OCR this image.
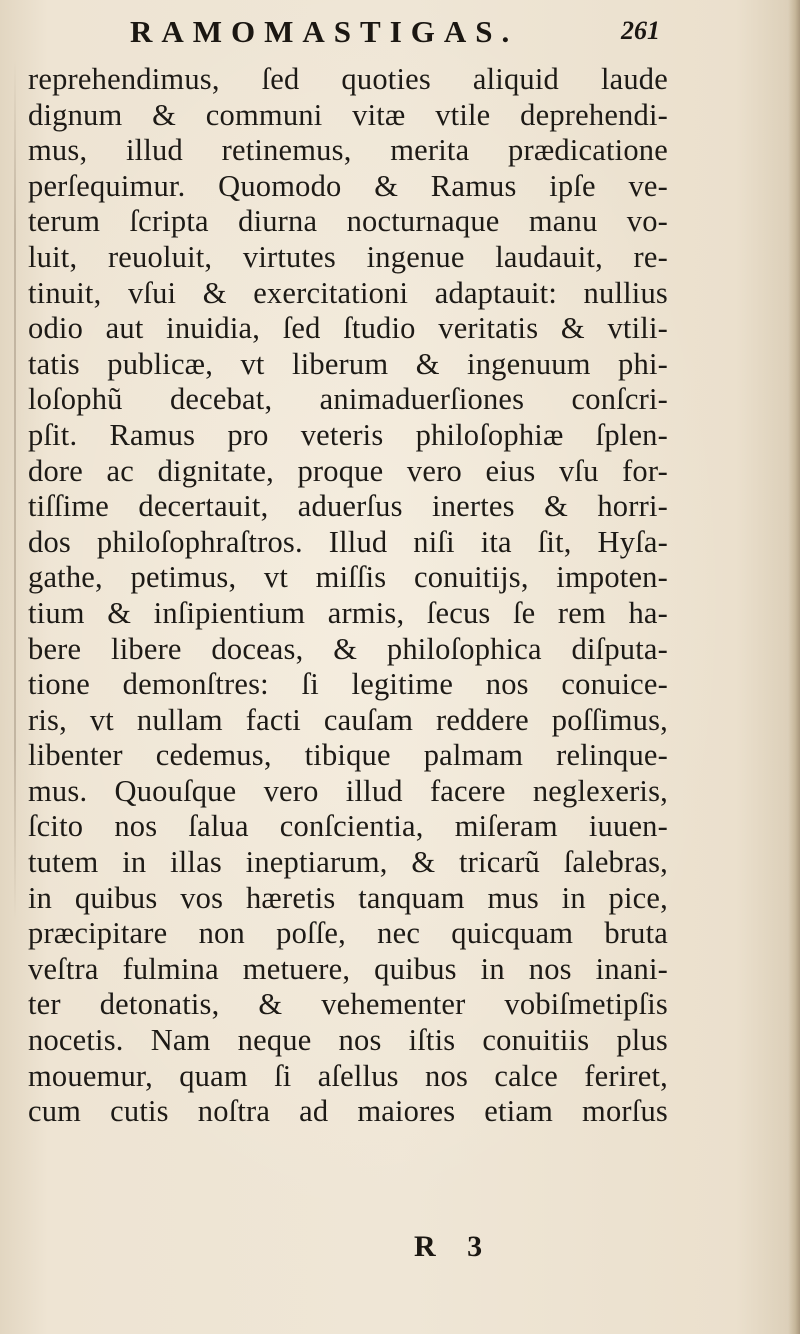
RAMOMASTIGAS.	261
reprehendimus, ſed quoties aliquid laude
dignum & communi vitæ vtile deprehendi-
mus, illud retinemus, merita prædicatione
perſequimur. Quomodo & Ramus ipſe ve-
terum ſcripta diurna nocturnaque manu vo-
luit, reuoluit, virtutes ingenue laudauit, re-
tinuit, vſui & exercitationi adaptauit: nullius
odio aut inuidia, ſed ſtudio veritatis & vtili-
tatis publicæ, vt liberum & ingenuum phi-
loſophũ decebat, animaduerſiones conſcri-
pſit. Ramus pro veteris philoſophiæ ſplen-
dore ac dignitate, proque vero eius vſu for-
tiſſime decertauit, aduerſus inertes & horri-
dos philoſophraſtros. Illud niſi ita ſit, Hyſa-
gathe, petimus, vt miſſis conuitijs, impoten-
tium & inſipientium armis, ſecus ſe rem ha-
bere libere doceas, & philoſophica diſputa-
tione demonſtres: ſi legitime nos conuice-
ris, vt nullam facti cauſam reddere poſſimus,
libenter cedemus, tibique palmam relinque-
mus. Quouſque vero illud facere neglexeris,
ſcito nos ſalua conſcientia, miſeram iuuen-
tutem in illas ineptiarum, & tricarũ ſalebras,
in quibus vos hæretis tanquam mus in pice,
præcipitare non poſſe, nec quicquam bruta
veſtra fulmina metuere, quibus in nos inani-
ter detonatis, & vehementer vobiſmetipſis
nocetis. Nam neque nos iſtis conuitiis plus
mouemur, quam ſi aſellus nos calce feriret,
cum cutis noſtra ad maiores etiam morſus
R 3
